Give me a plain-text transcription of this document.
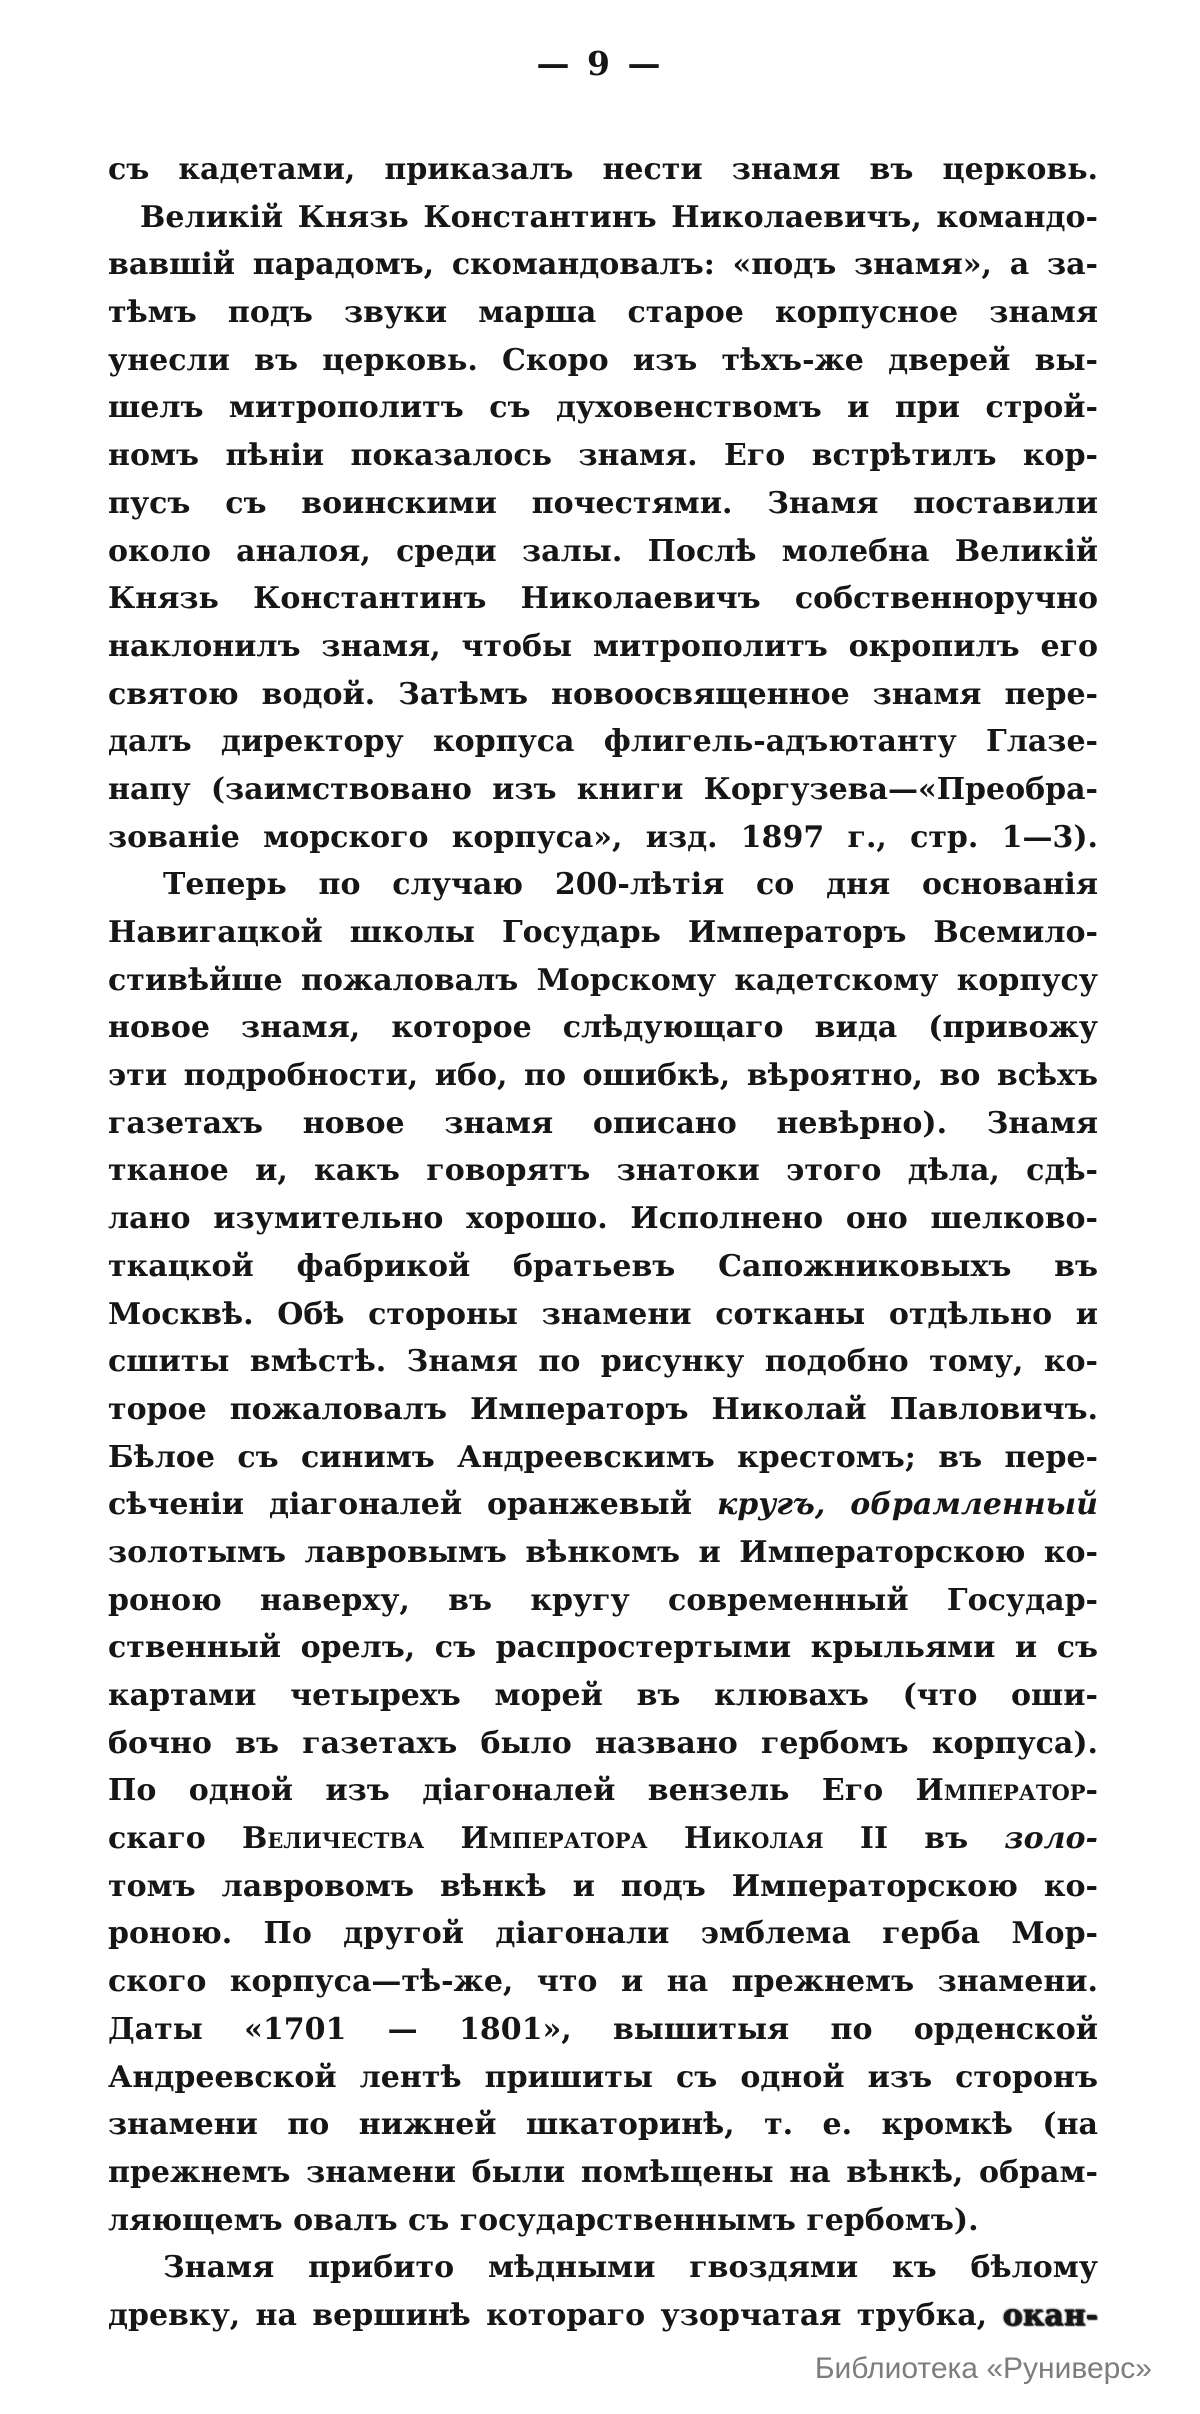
— 9 —
съ кадетами, приказалъ нести знамя въ церковь.
Великій Князь Константинъ Николаевичъ, командо-
вавшій парадомъ, скомандовалъ: «подъ знамя», а за-
тѣмъ подъ звуки марша старое корпусное знамя
унесли въ церковь. Скоро изъ тѣхъ-же дверей вы-
шелъ митрополитъ съ духовенствомъ и при строй-
номъ пѣніи показалось знамя. Его встрѣтилъ кор-
пусъ съ воинскими почестями. Знамя поставили
около аналоя, среди залы. Послѣ молебна Великій
Князь Константинъ Николаевичъ собственноручно
наклонилъ знамя, чтобы митрополитъ окропилъ его
святою водой. Затѣмъ новоосвященное знамя пере-
далъ директору корпуса флигель-адъютанту Глазе-
напу (заимствовано изъ книги Коргузева—«Преобра-
зованіе морского корпуса», изд. 1897 г., стр. 1—3).
Теперь по случаю 200-лѣтія со дня основанія
Навигацкой школы Государь Императоръ Всемило-
стивѣйше пожаловалъ Морскому кадетскому корпусу
новое знамя, которое слѣдующаго вида (привожу
эти подробности, ибо, по ошибкѣ, вѣроятно, во всѣхъ
газетахъ новое знамя описано невѣрно). Знамя
тканое и, какъ говорятъ знатоки этого дѣла, сдѣ-
лано изумительно хорошо. Исполнено оно шелково-
ткацкой фабрикой братьевъ Сапожниковыхъ въ
Москвѣ. Обѣ стороны знамени сотканы отдѣльно и
сшиты вмѣстѣ. Знамя по рисунку подобно тому, ко-
торое пожаловалъ Императоръ Николай Павловичъ.
Бѣлое съ синимъ Андреевскимъ крестомъ; въ пере-
сѣченіи діагоналей оранжевый кругъ, обрамленный
золотымъ лавровымъ вѣнкомъ и Императорскою ко-
роною наверху, въ кругу современный Государ-
ственный орелъ, съ распростертыми крыльями и съ
картами четырехъ морей въ клювахъ (что оши-
бочно въ газетахъ было названо гербомъ корпуса).
По одной изъ діагоналей вензель Его Император-
скаго Величества Императора Николая II въ золо-
томъ лавровомъ вѣнкѣ и подъ Императорскою ко-
роною. По другой діагонали эмблема герба Мор-
ского корпуса—тѣ-же, что и на прежнемъ знамени.
Даты «1701 — 1801», вышитыя по орденской
Андреевской лентѣ пришиты съ одной изъ сторонъ
знамени по нижней шкаторинѣ, т. е. кромкѣ (на
прежнемъ знамени были помѣщены на вѣнкѣ, обрам-
ляющемъ овалъ съ государственнымъ гербомъ).
Знамя прибито мѣдными гвоздями къ бѣлому
древку, на вершинѣ котораго узорчатая трубка, окан-
Библиотека «Руниверс»
